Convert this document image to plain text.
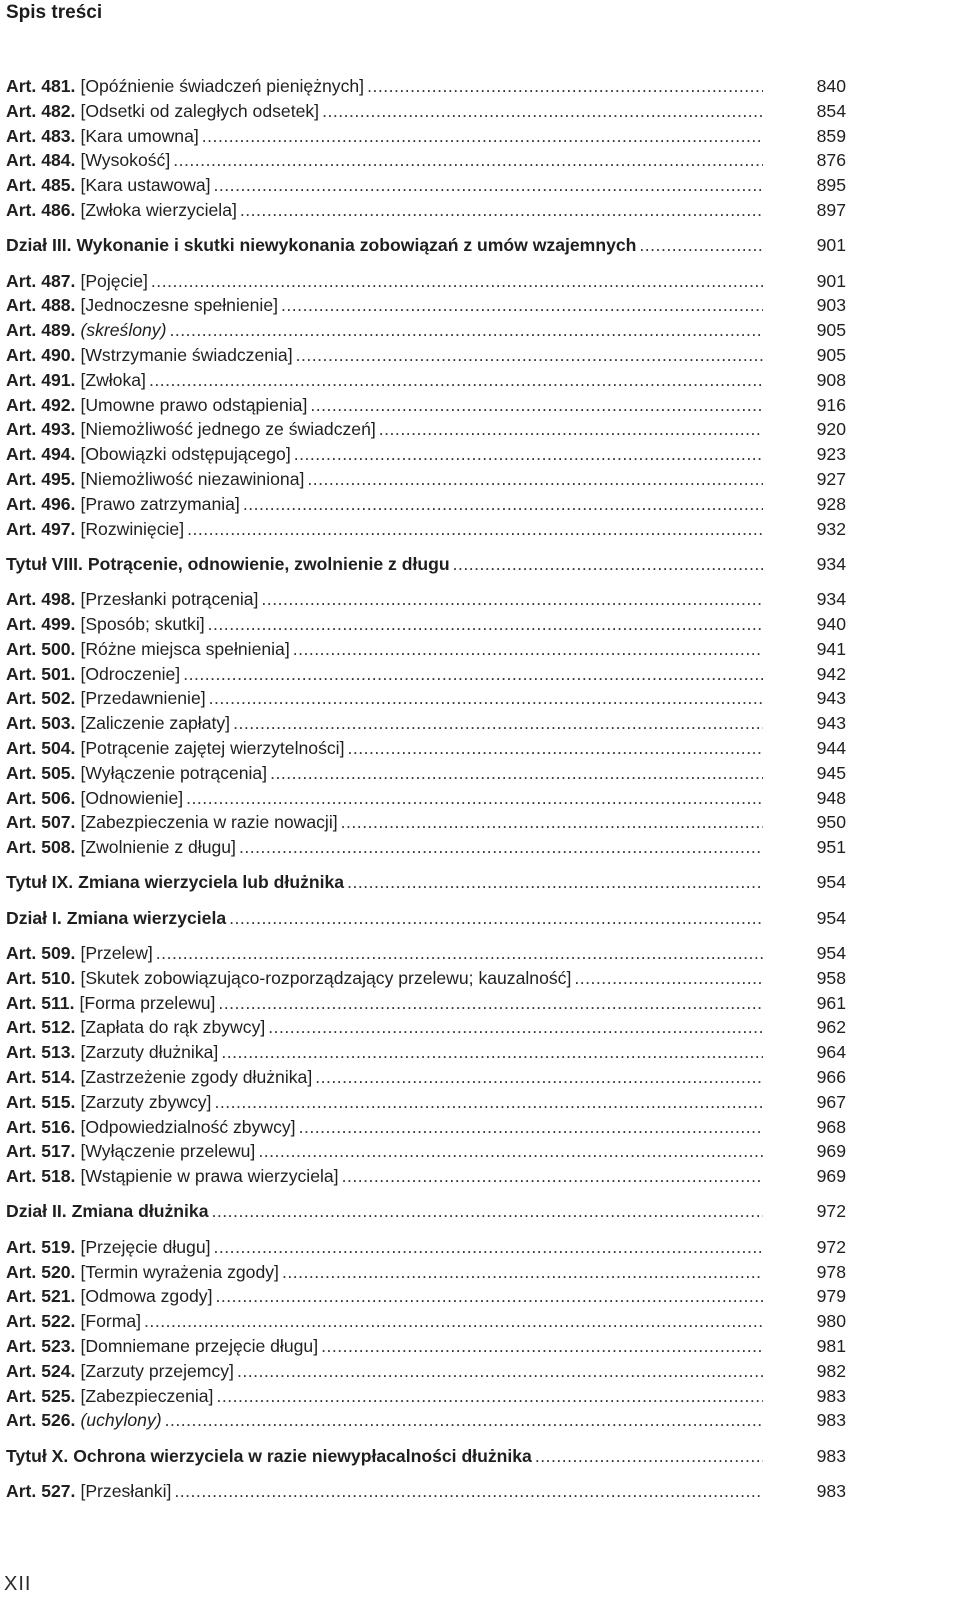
Spis treści
Art. 481. [Opóźnienie świadczeń pieniężnych] .....	840
Art. 482. [Odsetki od zaległych odsetek] .....	854
Art. 483. [Kara umowna] .....	859
Art. 484. [Wysokość] .....	876
Art. 485. [Kara ustawowa] .....	895
Art. 486. [Zwłoka wierzyciela] .....	897
Dział III. Wykonanie i skutki niewykonania zobowiązań z umów wzajemnych .....	901
Art. 487. [Pojęcie] .....	901
Art. 488. [Jednoczesne spełnienie] .....	903
Art. 489. (skreślony) .....	905
Art. 490. [Wstrzymanie świadczenia] .....	905
Art. 491. [Zwłoka] .....	908
Art. 492. [Umowne prawo odstąpienia] .....	916
Art. 493. [Niemożliwość jednego ze świadczeń] .....	920
Art. 494. [Obowiązki odstępującego] .....	923
Art. 495. [Niemożliwość niezawiniona] .....	927
Art. 496. [Prawo zatrzymania] .....	928
Art. 497. [Rozwinięcie] .....	932
Tytuł VIII. Potrącenie, odnowienie, zwolnienie z długu .....	934
Art. 498. [Przesłanki potrącenia] .....	934
Art. 499. [Sposób; skutki] .....	940
Art. 500. [Różne miejsca spełnienia] .....	941
Art. 501. [Odroczenie] .....	942
Art. 502. [Przedawnienie] .....	943
Art. 503. [Zaliczenie zapłaty] .....	943
Art. 504. [Potrącenie zajętej wierzytelności] .....	944
Art. 505. [Wyłączenie potrącenia] .....	945
Art. 506. [Odnowienie] .....	948
Art. 507. [Zabezpieczenia w razie nowacji] .....	950
Art. 508. [Zwolnienie z długu] .....	951
Tytuł IX. Zmiana wierzyciela lub dłużnika .....	954
Dział I. Zmiana wierzyciela .....	954
Art. 509. [Przelew] .....	954
Art. 510. [Skutek zobowiązująco-rozporządzający przelewu; kauzalność] .....	958
Art. 511. [Forma przelewu] .....	961
Art. 512. [Zapłata do rąk zbywcy] .....	962
Art. 513. [Zarzuty dłużnika] .....	964
Art. 514. [Zastrzeżenie zgody dłużnika] .....	966
Art. 515. [Zarzuty zbywcy] .....	967
Art. 516. [Odpowiedzialność zbywcy] .....	968
Art. 517. [Wyłączenie przelewu] .....	969
Art. 518. [Wstąpienie w prawa wierzyciela] .....	969
Dział II. Zmiana dłużnika .....	972
Art. 519. [Przejęcie długu] .....	972
Art. 520. [Termin wyrażenia zgody] .....	978
Art. 521. [Odmowa zgody] .....	979
Art. 522. [Forma] .....	980
Art. 523. [Domniemane przejęcie długu] .....	981
Art. 524. [Zarzuty przejemcy] .....	982
Art. 525. [Zabezpieczenia] .....	983
Art. 526. (uchylony) .....	983
Tytuł X. Ochrona wierzyciela w razie niewypłacalności dłużnika .....	983
Art. 527. [Przesłanki] .....	983
XII
